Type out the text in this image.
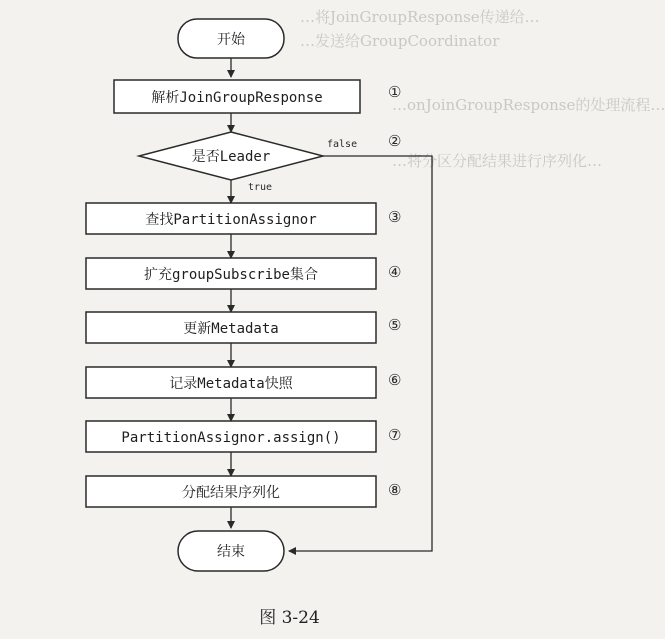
…将JoinGroupResponse传递给…
…发送给GroupCoordinator
…onJoinGroupResponse的处理流程…
…将分区分配结果进行序列化…
开始
解析JoinGroupResponse	①
是否Leader
②
false
true
查找PartitionAssignor	③
扩充groupSubscribe集合	④
更新Metadata	⑤
记录Metadata快照	⑥
PartitionAssignor.assign()	⑦
分配结果序列化	⑧
结束
图 3-24
